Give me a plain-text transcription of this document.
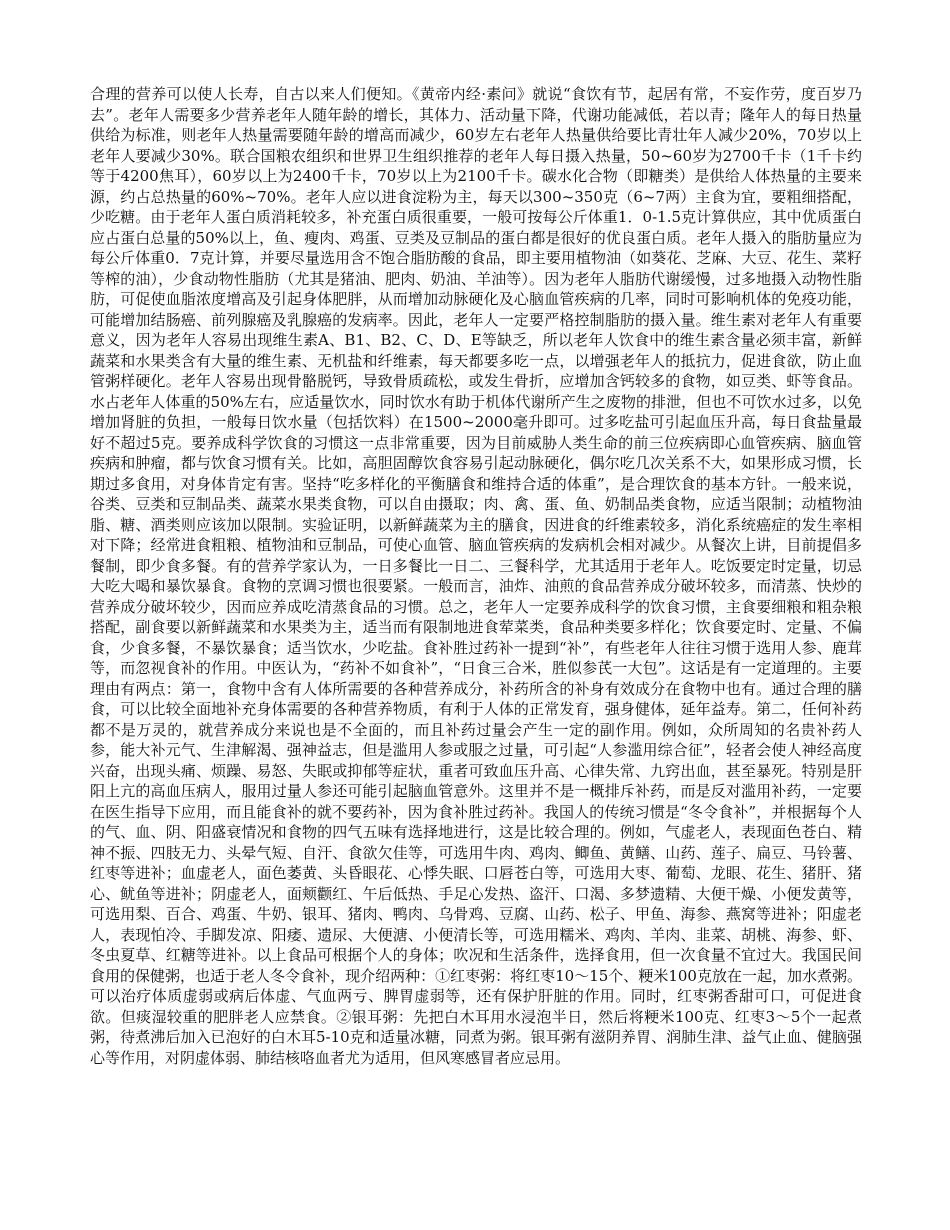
合理的营养可以使人长寿，自古以来人们便知。《黄帝内经·素问》就说“食饮有节，起居有常，不妄作劳，度百岁乃去”。老年人需要多少营养老年人随年龄的增长，其体力、活动量下降，代谢功能减低，若以青；隆年人的每日热量供给为标准，则老年人热量需要随年龄的增高而减少，60岁左右老年人热量供给要比青壮年人减少20%，70岁以上老年人要减少30%。联合国粮农组织和世界卫生组织推荐的老年人每日摄入热量，50~60岁为2700千卡（1千卡约等于4200焦耳），60岁以上为2400千卡，70岁以上为2100千卡。碳水化合物（即糖类）是供给人体热量的主要来源，约占总热量的60%~70%。老年人应以进食淀粉为主，每天以300~350克（6~7两）主食为宜，要粗细搭配，少吃糖。由于老年人蛋白质消耗较多，补充蛋白质很重要，一般可按每公斤体重1．0-1.5克计算供应，其中优质蛋白应占蛋白总量的50%以上，鱼、瘦肉、鸡蛋、豆类及豆制品的蛋白都是很好的优良蛋白质。老年人摄入的脂肪量应为每公斤体重0．7克计算，并要尽量选用含不饱合脂肪酸的食品，即主要用植物油（如葵花、芝麻、大豆、花生、菜籽等榨的油），少食动物性脂肪（尤其是猪油、肥肉、奶油、羊油等）。因为老年人脂肪代谢缓慢，过多地摄入动物性脂肪，可促使血脂浓度增高及引起身体肥胖，从而增加动脉硬化及心脑血管疾病的几率，同时可影响机体的免疫功能，可能增加结肠癌、前列腺癌及乳腺癌的发病率。因此，老年人一定要严格控制脂肪的摄入量。维生素对老年人有重要意义，因为老年人容易出现维生素A、B1、B2、C、D、E等缺乏，所以老年人饮食中的维生素含量必须丰富，新鲜蔬菜和水果类含有大量的维生素、无机盐和纤维素，每天都要多吃一点，以增强老年人的抵抗力，促进食欲，防止血管粥样硬化。老年人容易出现骨骼脱钙，导致骨质疏松，或发生骨折，应增加含钙较多的食物，如豆类、虾等食品。水占老年人体重的50%左右，应适量饮水，同时饮水有助于机体代谢所产生之废物的排泄，但也不可饮水过多，以免增加肾脏的负担，一般每日饮水量（包括饮料）在1500~2000毫升即可。过多吃盐可引起血压升高，每日食盐量最好不超过5克。要养成科学饮食的习惯这一点非常重要，因为目前威胁人类生命的前三位疾病即心血管疾病、脑血管疾病和肿瘤，都与饮食习惯有关。比如，高胆固醇饮食容易引起动脉硬化，偶尔吃几次关系不大，如果形成习惯，长期过多食用，对身体肯定有害。坚持“吃多样化的平衡膳食和维持合适的体重”，是合理饮食的基本方针。一般来说，谷类、豆类和豆制品类、蔬菜水果类食物，可以自由摄取；肉、禽、蛋、鱼、奶制品类食物，应适当限制；动植物油脂、糖、酒类则应该加以限制。实验证明，以新鲜蔬菜为主的膳食，因进食的纤维素较多，消化系统癌症的发生率相对下降；经常进食粗粮、植物油和豆制品，可使心血管、脑血管疾病的发病机会相对减少。从餐次上讲，目前提倡多餐制，即少食多餐。有的营养学家认为，一日多餐比一日二、三餐科学，尤其适用于老年人。吃饭要定时定量，切忌大吃大喝和暴饮暴食。食物的烹调习惯也很要紧。一般而言，油炸、油煎的食品营养成分破坏较多，而清蒸、快炒的营养成分破坏较少，因而应养成吃清蒸食品的习惯。总之，老年人一定要养成科学的饮食习惯，主食要细粮和粗杂粮搭配，副食要以新鲜蔬菜和水果类为主，适当而有限制地进食荤菜类，食品种类要多样化；饮食要定时、定量、不偏食，少食多餐，不暴饮暴食；适当饮水，少吃盐。食补胜过药补一提到“补”，有些老年人往往习惯于选用人参、鹿茸等，而忽视食补的作用。中医认为，“药补不如食补”，“日食三合米，胜似参芪一大包”。这话是有一定道理的。主要理由有两点：第一，食物中含有人体所需要的各种营养成分，补药所含的补身有效成分在食物中也有。通过合理的膳食，可以比较全面地补充身体需要的各种营养物质，有利于人体的正常发育，强身健体，延年益寿。第二，任何补药都不是万灵的，就营养成分来说也是不全面的，而且补药过量会产生一定的副作用。例如，众所周知的名贵补药人参，能大补元气、生津解渴、强神益志，但是滥用人参或服之过量，可引起“人参滥用综合征”，轻者会使人神经高度兴奋，出现头痛、烦躁、易怒、失眠或抑郁等症状，重者可致血压升高、心律失常、九窍出血，甚至暴死。特别是肝阳上亢的高血压病人，服用过量人参还可能引起脑血管意外。这里并不是一概排斥补药，而是反对滥用补药，一定要在医生指导下应用，而且能食补的就不要药补，因为食补胜过药补。我国人的传统习惯是“冬令食补”，并根据每个人的气、血、阴、阳盛衰情况和食物的四气五味有选择地进行，这是比较合理的。例如，气虚老人，表现面色苍白、精神不振、四肢无力、头晕气短、自汗、食欲欠佳等，可选用牛肉、鸡肉、鲫鱼、黄鳝、山药、莲子、扁豆、马铃薯、红枣等进补；血虚老人，面色萎黄、头昏眼花、心悸失眠、口唇苍白等，可选用大枣、葡萄、龙眼、花生、猪肝、猪心、鱿鱼等进补；阴虚老人，面颊颧红、午后低热、手足心发热、盗汗、口渴、多梦遗精、大便干燥、小便发黄等，可选用梨、百合、鸡蛋、牛奶、银耳、猪肉、鸭肉、乌骨鸡、豆腐、山药、松子、甲鱼、海参、燕窝等进补；阳虚老人，表现怕冷、手脚发凉、阳痿、遗尿、大便溏、小便清长等，可选用糯米、鸡肉、羊肉、韭菜、胡桃、海参、虾、冬虫夏草、红糖等进补。以上食品可根据个人的身体；吹况和生活条件，选择食用，但一次食量不宜过大。我国民间食用的保健粥，也适于老人冬令食补，现介绍两种：①红枣粥：将红枣10～15个、粳米100克放在一起，加水煮粥。可以治疗体质虚弱或病后体虚、气血两亏、脾胃虚弱等，还有保护肝脏的作用。同时，红枣粥香甜可口，可促进食欲。但痰湿较重的肥胖老人应禁食。②银耳粥：先把白木耳用水浸泡半日，然后将粳米100克、红枣3～5个一起煮粥，待煮沸后加入已泡好的白木耳5-10克和适量冰糖，同煮为粥。银耳粥有滋阴养胃、润肺生津、益气止血、健脑强心等作用，对阴虚体弱、肺结核咯血者尤为适用，但风寒感冒者应忌用。
